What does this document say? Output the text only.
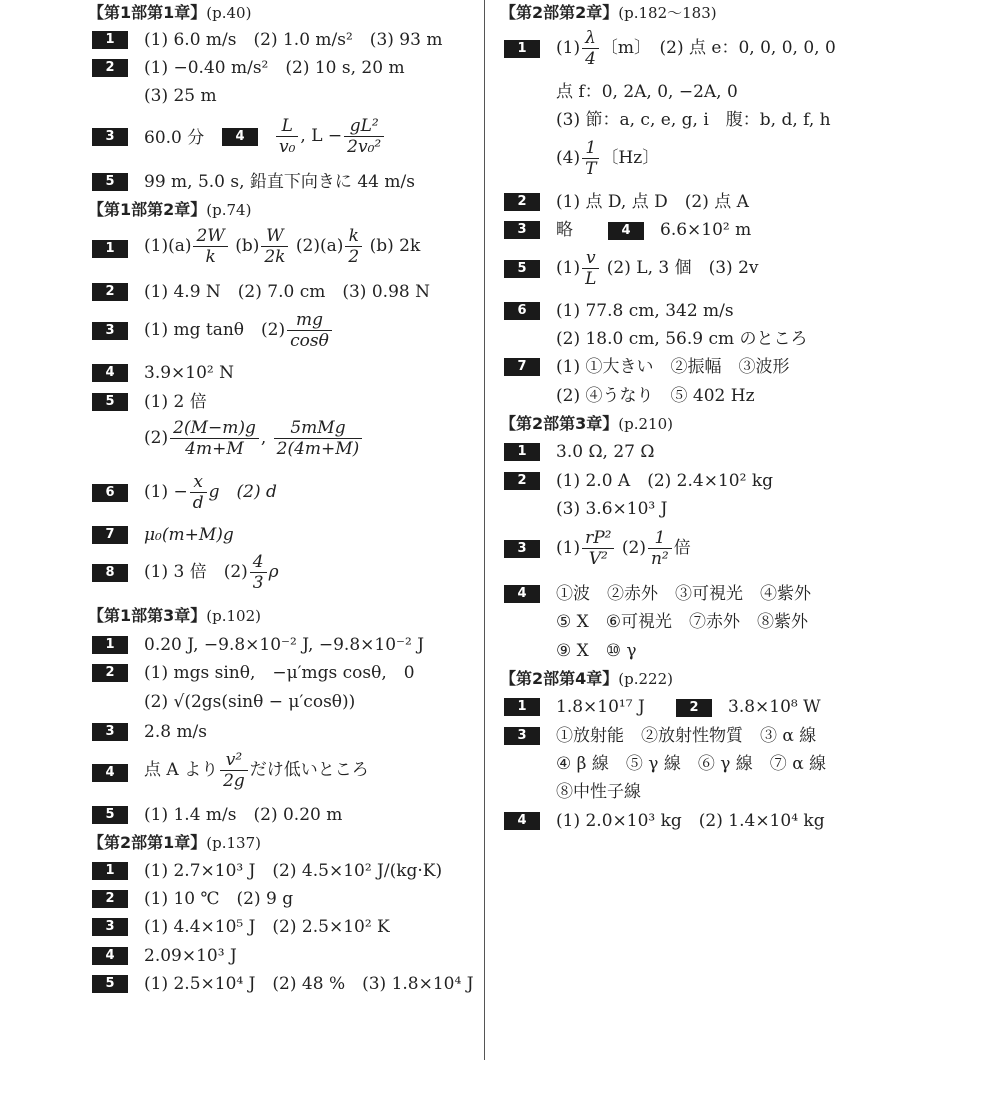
【第1部第1章】(p.40)
1	(1) 6.0 m/s　(2) 1.0 m/s²　(3) 93 m
2	(1) −0.40 m/s²　(2) 10 s, 20 m
(3) 25 m
3	60.0 分	$4 \frac{L}{\text{v₀}}$ , $L - \frac{\text{gL²}}{\text{2v₀²}}$
5	99 m, 5.0 s, 鉛直下向きに 44 m/s
【第1部第2章】(p.74)
1	$(1)(a) \frac{2W}{k} (b) \frac{W}{2k} (2)(a) \frac{k}{2} (b)$ 2k
2	(1) 4.9 N　(2) 7.0 cm　(3) 0.98 N
3	(1) mg tanθ　$(2) \frac{mg}{\cos\theta}$
4	3.9×10² N
5	(1) 2 倍
$(2) \frac{2(M-m)g}{4m+M}$ , $\frac{\text{5mMg}}{2(4m+M)}$
6	$(1) - \frac{x}{d}$ g　(2) d
7	μ₀(m+M)g
8	(1) 3 倍　$(2) \frac{4}{3}$ ρ
【第1部第3章】(p.102)
1	0.20 J, −9.8×10⁻² J, −9.8×10⁻² J
2	(1) mgs sinθ,　−μ′mgs cosθ,　0
(2) √(2gs(sinθ − μ′cosθ))
3	2.8 m/s
4	点 A より $\frac{\text{v²}}{2g}$ だけ低いところ
5	(1) 1.4 m/s　(2) 0.20 m
【第2部第1章】(p.137)
1	(1) 2.7×10³ J　(2) 4.5×10² J/(kg·K)
2	(1) 10 ℃　(2) 9 g
3	(1) 4.4×10⁵ J　(2) 2.5×10² K
4	2.09×10³ J
5	(1) 2.5×10⁴ J　(2) 48 %　(3) 1.8×10⁴ J
【第2部第2章】(p.182〜183)
1	$(1) \frac{\lambda}{4}$ 〔m〕　(2) 点 e：0, 0, 0, 0, 0
点 f：0, 2A, 0, −2A, 0
(3) 節：a, c, e, g, i　腹：b, d, f, h
$(4) \frac{1}{T}$ 〔Hz〕
2	(1) 点 D, 点 D　(2) 点 A
3	略	4 6.6×10² m
5	$(1) \frac{v}{L} (2)$ L, 3 個　(3) 2v
6	(1) 77.8 cm, 342 m/s
(2) 18.0 cm, 56.9 cm のところ
7	(1) ①大きい　②振幅　③波形
(2) ④うなり　⑤ 402 Hz
【第2部第3章】(p.210)
1	3.0 Ω, 27 Ω
2	(1) 2.0 A　(2) 2.4×10² kg
(3) 3.6×10³ J
3	$(1) \frac{\text{rP²}}{\text{V²}} (2) \frac{1}{\text{n²}}$ 倍
4	①波　②赤外　③可視光　④紫外
⑤ X　⑥可視光　⑦赤外　⑧紫外
⑨ X　⑩ γ
【第2部第4章】(p.222)
1	1.8×10¹⁷ J	2 3.8×10⁸ W
3	①放射能　②放射性物質　③ α 線
④ β 線　⑤ γ 線　⑥ γ 線　⑦ α 線
⑧中性子線
4	(1) 2.0×10³ kg　(2) 1.4×10⁴ kg
